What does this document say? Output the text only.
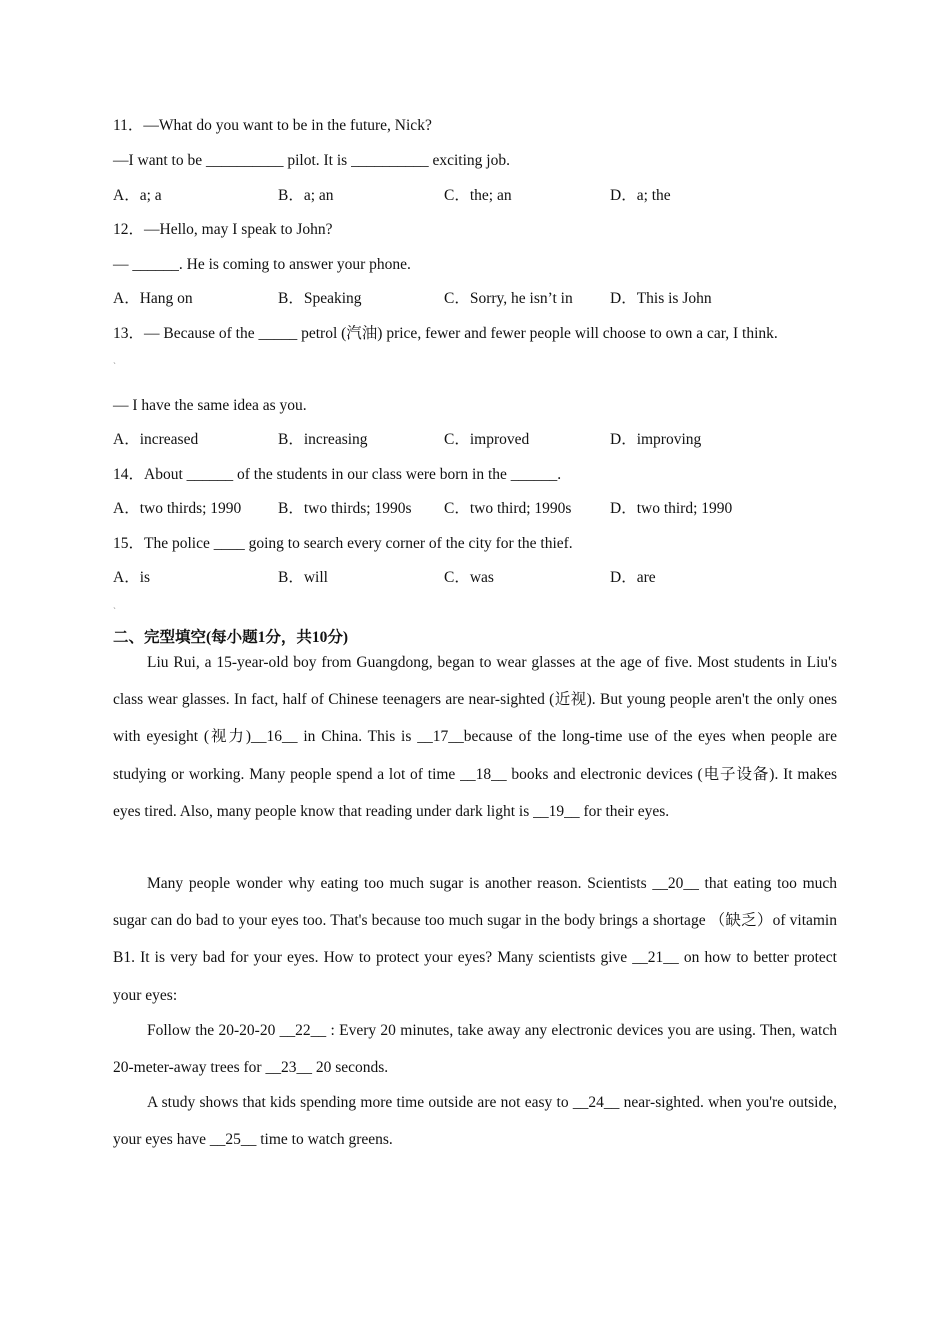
11．—What do you want to be in the future, Nick?
—I want to be __________ pilot. It is __________ exciting job.
A．a; a	B．a; an	C．the; an	D．a; the
12．—Hello, may I speak to John?
— ______. He is coming to answer your phone.
A．Hang on	B．Speaking	C．Sorry, he isn’t in D．This is John
13．— Because of the _____ petrol (汽油) price, fewer and fewer people will choose to own a car, I think.
ˎ
— I have the same idea as you.
A．increased	B．increasing	C．improved	D．improving
14．About ______ of the students in our class were born in the ______.
A．two thirds; 1990 B．two thirds; 1990s C．two third; 1990s D．two third; 1990
15．The police ____ going to search every corner of the city for the thief.
A．is	B．will	C．was	D．are
ˎ
二、完型填空(每小题1分，共10分)

Liu Rui, a 15-year-old boy from Guangdong, began to wear glasses at the age of five. Most students in Liu's class wear glasses. In fact, half of Chinese teenagers are near-sighted (近视). But young people aren't the only ones with eyesight (视力)__16__ in China. This is __17__because of the long-time use of the eyes when people are studying or working. Many people spend a lot of time __18__ books and electronic devices (电子设备). It makes eyes tired. Also, many people know that reading under dark light is __19__ for their eyes.

Many people wonder why eating too much sugar is another reason. Scientists __20__ that eating too much sugar can do bad to your eyes too. That's because too much sugar in the body brings a shortage （缺乏）of vitamin B1. It is very bad for your eyes. How to protect your eyes? Many scientists give __21__ on how to better protect your eyes:

Follow the 20-20-20 __22__ : Every 20 minutes, take away any electronic devices you are using. Then, watch 20-meter-away trees for __23__ 20 seconds.

A study shows that kids spending more time outside are not easy to __24__ near-sighted. when you're outside, your eyes have __25__ time to watch greens.
